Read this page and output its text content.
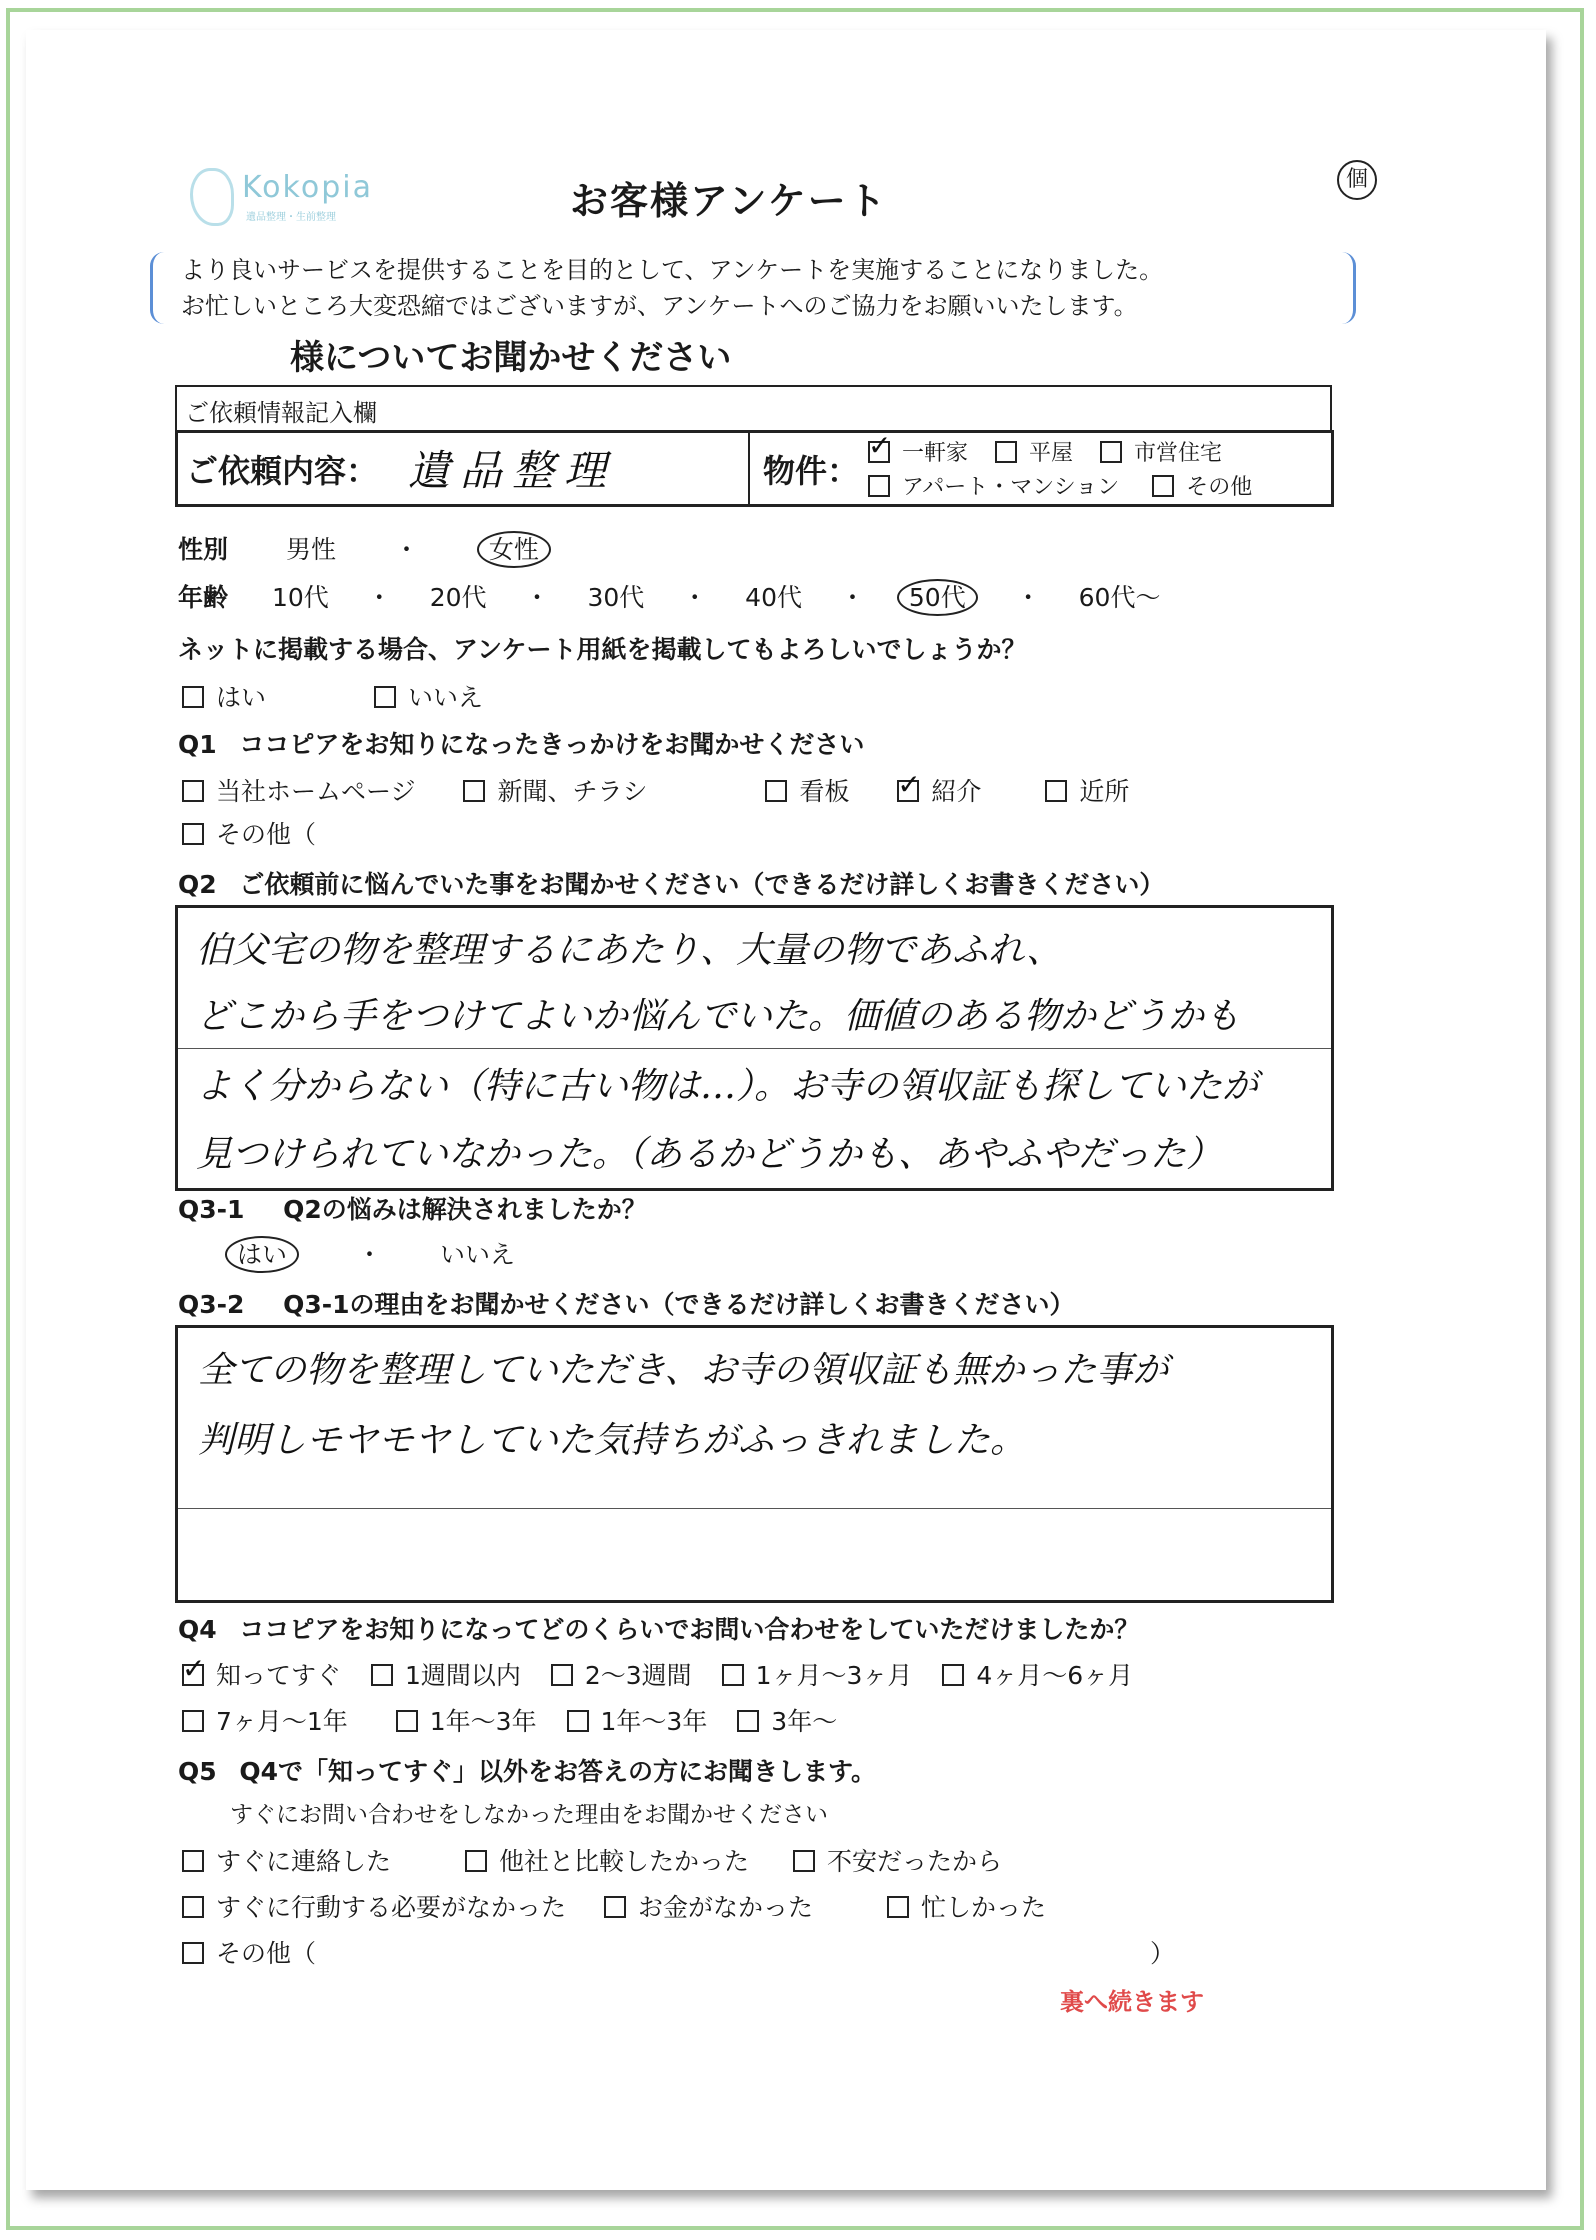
Kokopia
遺品整理・生前整理	お客様アンケート	個

より良いサービスを提供することを目的として、アンケートを実施することになりました。

お忙しいところ大変恐縮ではございますが、アンケートへのご協力をお願いいたします。

様についてお聞かせください
ご依頼情報記入欄
ご依頼内容： 遺品整理	物件： ✓	一軒家	平屋	市営住宅
アパート・マンション	その他
性別 男性 ・	女性
年齢 10代 ・ 20代 ・ 30代 ・ 40代 ・ 50代 ・ 60代〜
ネットに掲載する場合、アンケート用紙を掲載してもよろしいでしょうか？
はい	いいえ
Q1 ココピアをお知りになったきっかけをお聞かせください
当社ホームページ	新聞、チラシ	看板 ✓	紹介	近所
その他（
Q2 ご依頼前に悩んでいた事をお聞かせください（できるだけ詳しくお書きください）
伯父宅の物を整理するにあたり、大量の物であふれ、
どこから手をつけてよいか悩んでいた。価値のある物かどうかも
よく分からない（特に古い物は…）。お寺の領収証も探していたが
見つけられていなかった。（あるかどうかも、あやふやだった）
Q3-1 Q2の悩みは解決されましたか？
はい	・ いいえ
Q3-2 Q3-1の理由をお聞かせください（できるだけ詳しくお書きください）
全ての物を整理していただき、お寺の領収証も無かった事が
判明しモヤモヤしていた気持ちがふっきれました。
Q4 ココピアをお知りになってどのくらいでお問い合わせをしていただけましたか？
✓知ってすぐ	1週間以内	2〜3週間	1ヶ月〜3ヶ月	4ヶ月〜6ヶ月
7ヶ月〜1年	1年〜3年	1年〜3年	3年〜
Q5 Q4で「知ってすぐ」以外をお答えの方にお聞きします。
すぐにお問い合わせをしなかった理由をお聞かせください
すぐに連絡した	他社と比較したかった	不安だったから
すぐに行動する必要がなかった	お金がなかった	忙しかった
その他（	）
裏へ続きます
